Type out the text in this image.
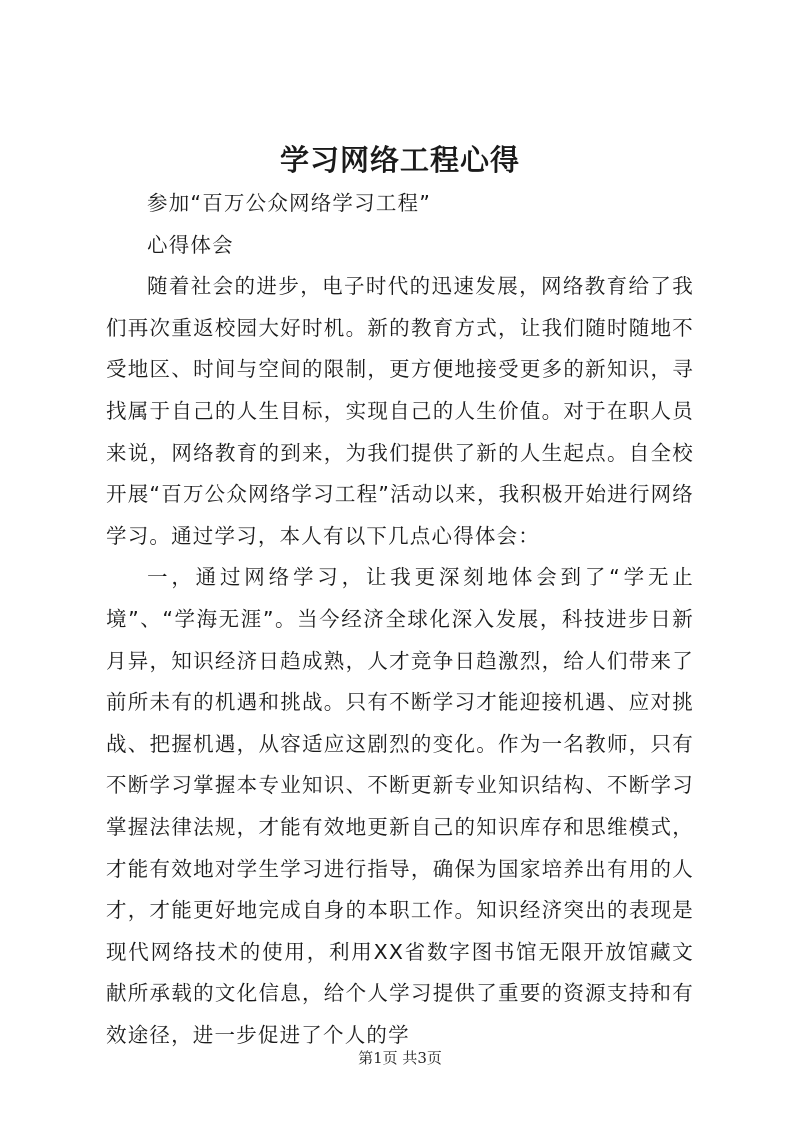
学习网络工程心得

参加“百万公众网络学习工程”

心得体会

随着社会的进步，电子时代的迅速发展，网络教育给了我们再次重返校园大好时机。新的教育方式，让我们随时随地不受地区、时间与空间的限制，更方便地接受更多的新知识，寻找属于自己的人生目标，实现自己的人生价值。对于在职人员来说，网络教育的到来，为我们提供了新的人生起点。自全校开展“百万公众网络学习工程”活动以来，我积极开始进行网络学习。通过学习，本人有以下几点心得体会：

一，通过网络学习，让我更深刻地体会到了“学无止境”、“学海无涯”。当今经济全球化深入发展，科技进步日新月异，知识经济日趋成熟，人才竞争日趋激烈，给人们带来了前所未有的机遇和挑战。只有不断学习才能迎接机遇、应对挑战、把握机遇，从容适应这剧烈的变化。作为一名教师，只有不断学习掌握本专业知识、不断更新专业知识结构、不断学习掌握法律法规，才能有效地更新自己的知识库存和思维模式，才能有效地对学生学习进行指导，确保为国家培养出有用的人才，才能更好地完成自身的本职工作。知识经济突出的表现是现代网络技术的使用，利用XX省数字图书馆无限开放馆藏文献所承载的文化信息，给个人学习提供了重要的资源支持和有效途径，进一步促进了个人的学

第1页 共3页
